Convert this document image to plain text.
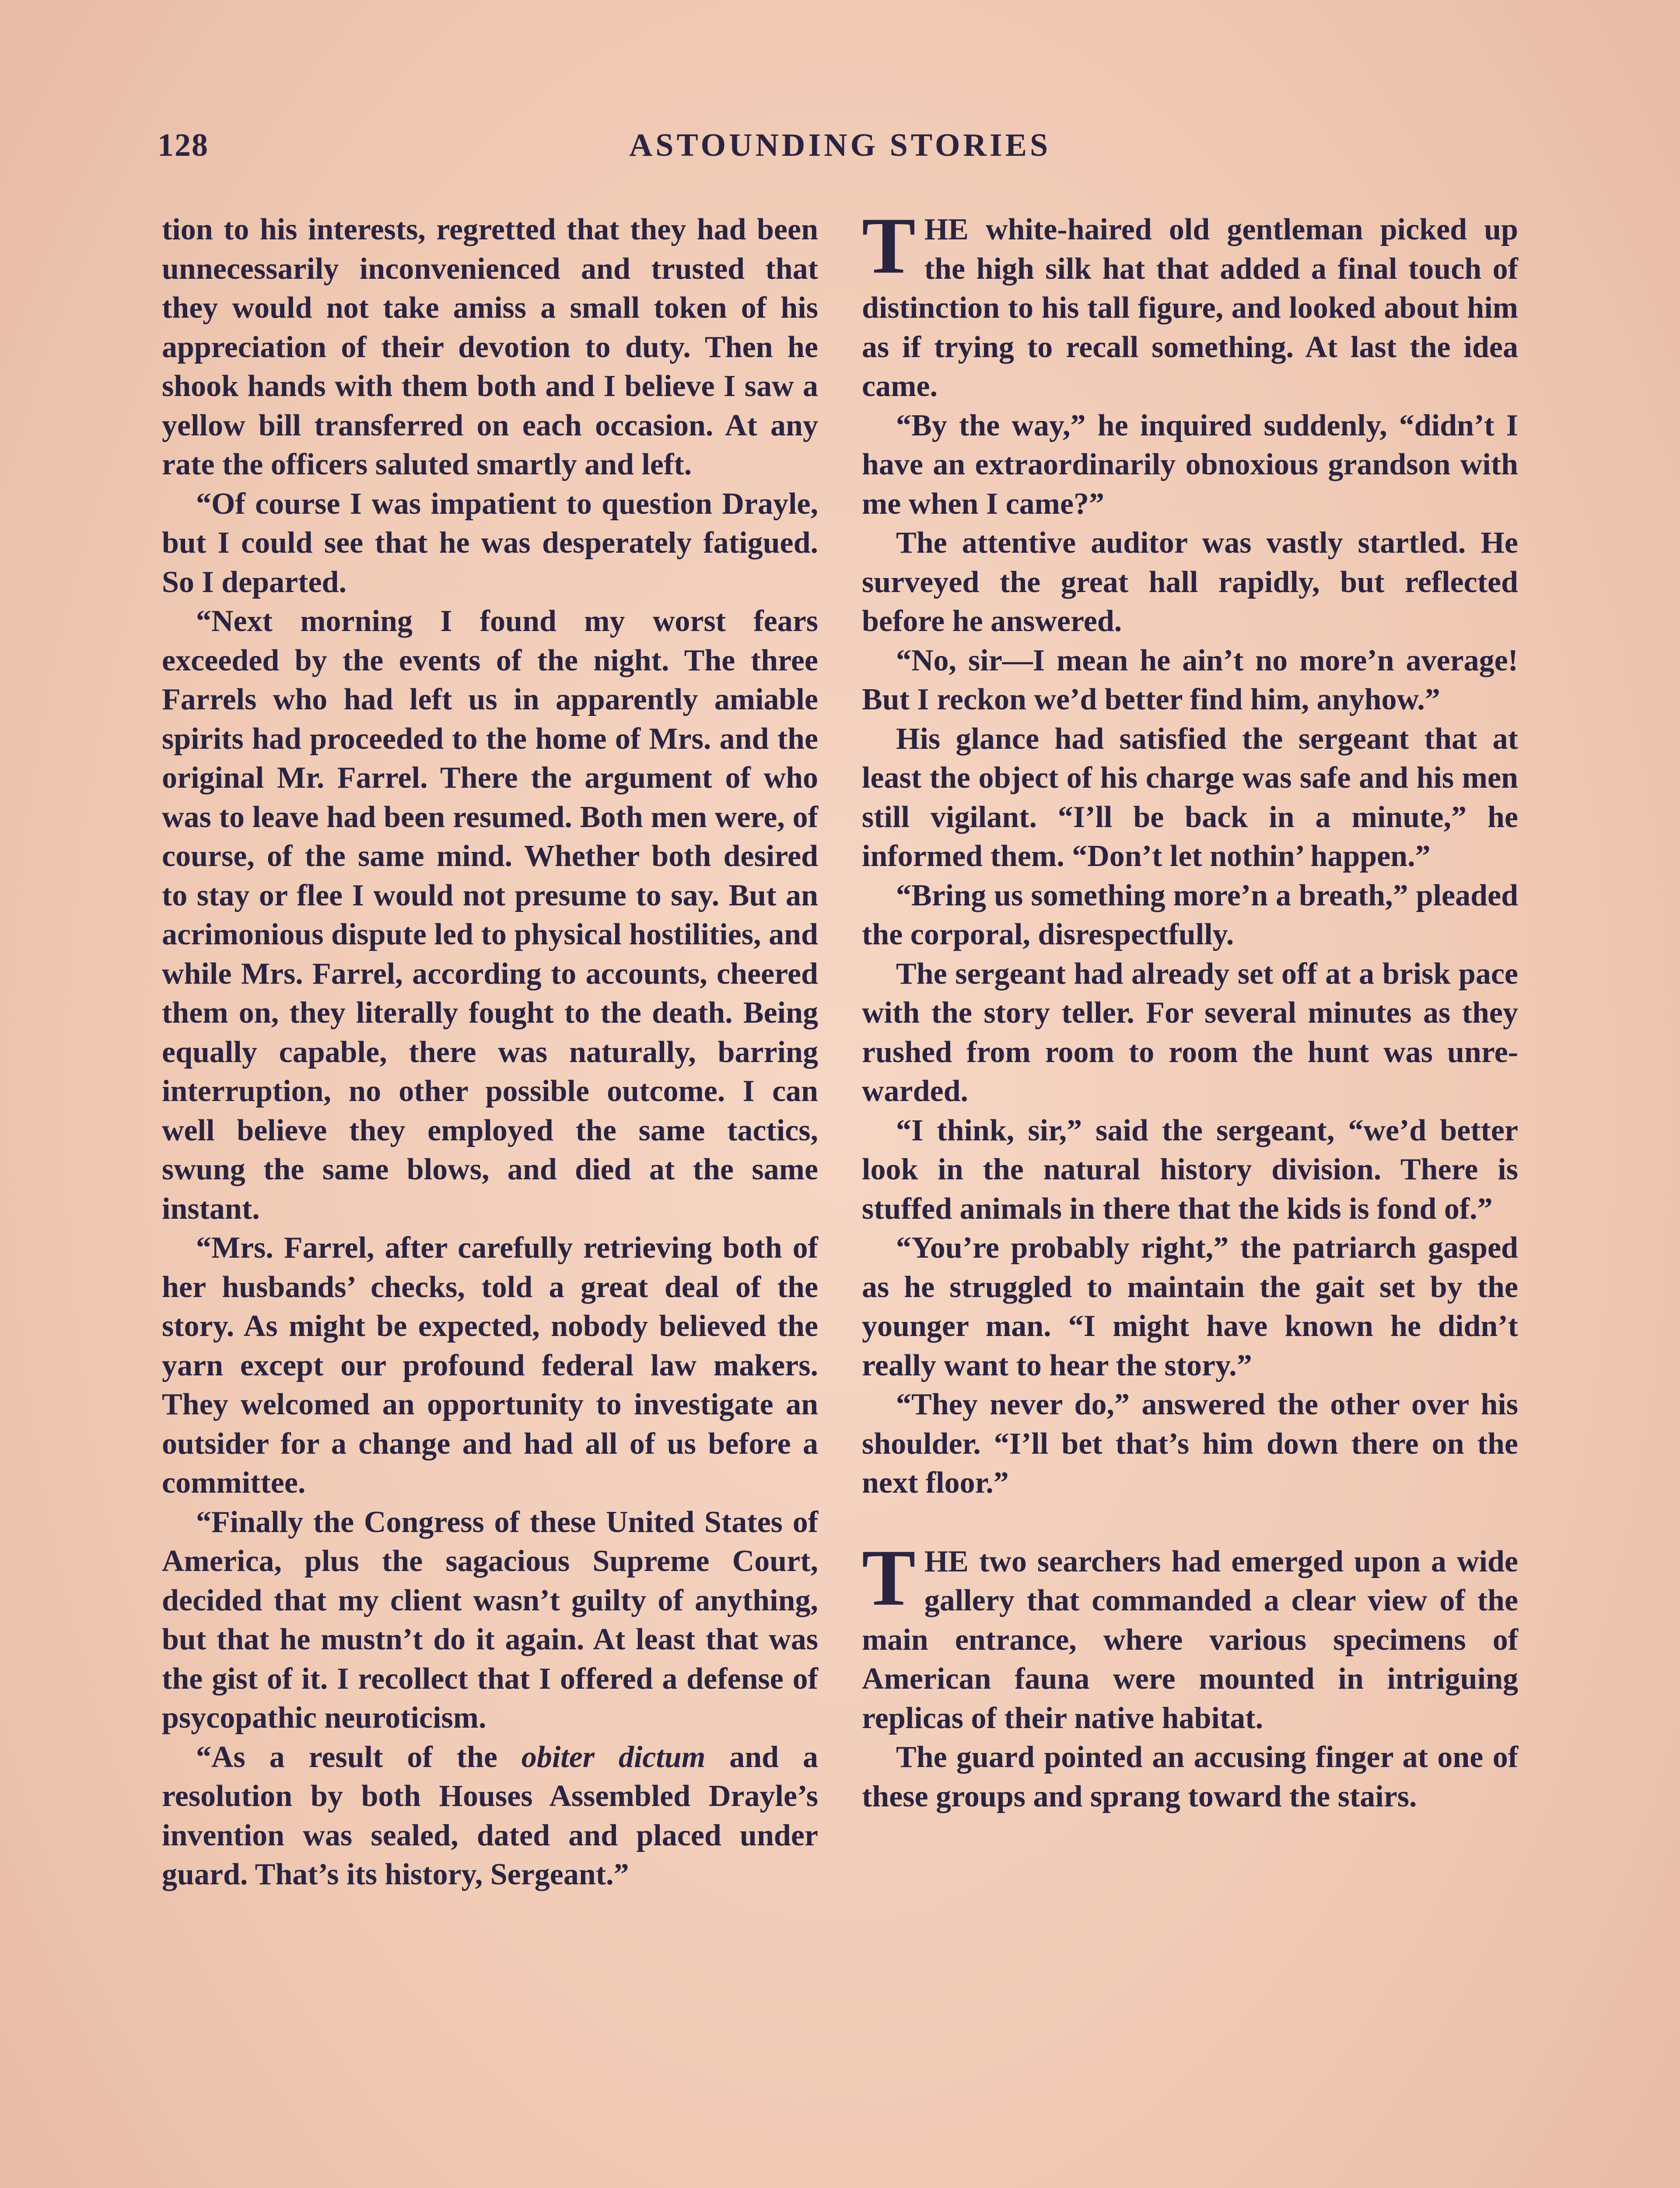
128	ASTOUNDING STORIES

tion to his interests, regretted that they had been unnecessarily inconvenienced and trusted that they would not take amiss a small token of his appreciation of their devotion to duty. Then he shook hands with them both and I believe I saw a yellow bill transferred on each occasion. At any rate the officers saluted smartly and left.

“Of course I was impatient to question Drayle, but I could see that he was desperately fatigued. So I departed.

“Next morning I found my worst fears exceeded by the events of the night. The three Farrels who had left us in apparently amiable spirits had proceeded to the home of Mrs. and the original Mr. Farrel. There the argument of who was to leave had been resumed. Both men were, of course, of the same mind. Whether both desired to stay or flee I would not presume to say. But an acrimonious dispute led to physical hostilities, and while Mrs. Farrel, according to accounts, cheered them on, they literally fought to the death. Being equally capable, there was naturally, barring interruption, no other possible outcome. I can well believe they employed the same tactics, swung the same blows, and died at the same instant.

“Mrs. Farrel, after carefully retrieving both of her husbands’ checks, told a great deal of the story. As might be expected, nobody believed the yarn except our profound federal law makers. They welcomed an opportunity to investigate an outsider for a change and had all of us before a committee.

“Finally the Congress of these United States of America, plus the sagacious Supreme Court, decided that my client wasn’t guilty of anything, but that he mustn’t do it again. At least that was the gist of it. I recollect that I offered a defense of psycopathic neuroticism.

“As a result of the obiter dictum and a resolution by both Houses Assembled Drayle’s invention was sealed, dated and placed under guard. That’s its history, Sergeant.”

THE white-haired old gentleman picked up the high silk hat that added a final touch of distinction to his tall figure, and looked about him as if trying to recall something. At last the idea came.

“By the way,” he inquired suddenly, “didn’t I have an extraordinarily obnoxious grandson with me when I came?”

The attentive auditor was vastly startled. He surveyed the great hall rapidly, but reflected before he answered.

“No, sir—I mean he ain’t no more’n average! But I reckon we’d better find him, anyhow.”

His glance had satisfied the sergeant that at least the object of his charge was safe and his men still vigilant. “I’ll be back in a minute,” he informed them. “Don’t let nothin’ happen.”

“Bring us something more’n a breath,” pleaded the corporal, disrespectfully.

The sergeant had already set off at a brisk pace with the story teller. For several minutes as they rushed from room to room the hunt was unrewarded.

“I think, sir,” said the sergeant, “we’d better look in the natural history division. There is stuffed animals in there that the kids is fond of.”

“You’re probably right,” the patriarch gasped as he struggled to maintain the gait set by the younger man. “I might have known he didn’t really want to hear the story.”

“They never do,” answered the other over his shoulder. “I’ll bet that’s him down there on the next floor.”

THE two searchers had emerged upon a wide gallery that commanded a clear view of the main entrance, where various specimens of American fauna were mounted in intriguing replicas of their native habitat.

The guard pointed an accusing finger at one of these groups and sprang toward the stairs.
